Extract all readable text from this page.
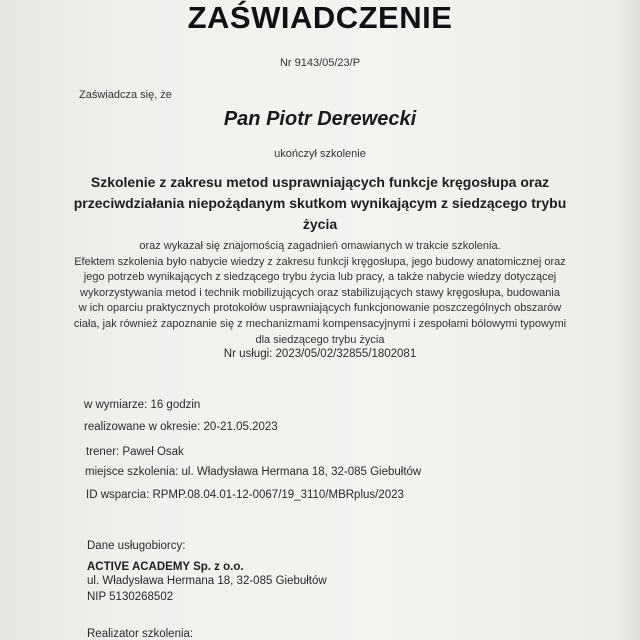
ZAŚWIADCZENIE
Nr 9143/05/23/P
Zaświadcza się, że
Pan Piotr Derewecki
ukończył szkolenie
Szkolenie z zakresu metod usprawniających funkcje kręgosłupa oraz
przeciwdziałania niepożądanym skutkom wynikającym z siedzącego trybu
życia
oraz wykazał się znajomością zagadnień omawianych w trakcie szkolenia.
Efektem szkolenia było nabycie wiedzy z zakresu funkcji kręgosłupa, jego budowy anatomicznej oraz
jego potrzeb wynikających z siedzącego trybu życia lub pracy, a także nabycie wiedzy dotyczącej
wykorzystywania metod i technik mobilizujących oraz stabilizujących stawy kręgosłupa, budowania
w ich oparciu praktycznych protokołów usprawniających funkcjonowanie poszczególnych obszarów
ciała, jak również zapoznanie się z mechanizmami kompensacyjnymi i zespołami bólowymi typowymi
dla siedzącego trybu życia
Nr usługi: 2023/05/02/32855/1802081
w wymiarze: 16 godzin
realizowane w okresie: 20-21.05.2023
trener: Paweł Osak
miejsce szkolenia: ul. Władysława Hermana 18, 32-085 Giebułtów
ID wsparcia: RPMP.08.04.01-12-0067/19_3110/MBRplus/2023
Dane usługobiorcy:
ACTIVE ACADEMY Sp. z o.o.
ul. Władysława Hermana 18, 32-085 Giebułtów
NIP 5130268502
Realizator szkolenia:
